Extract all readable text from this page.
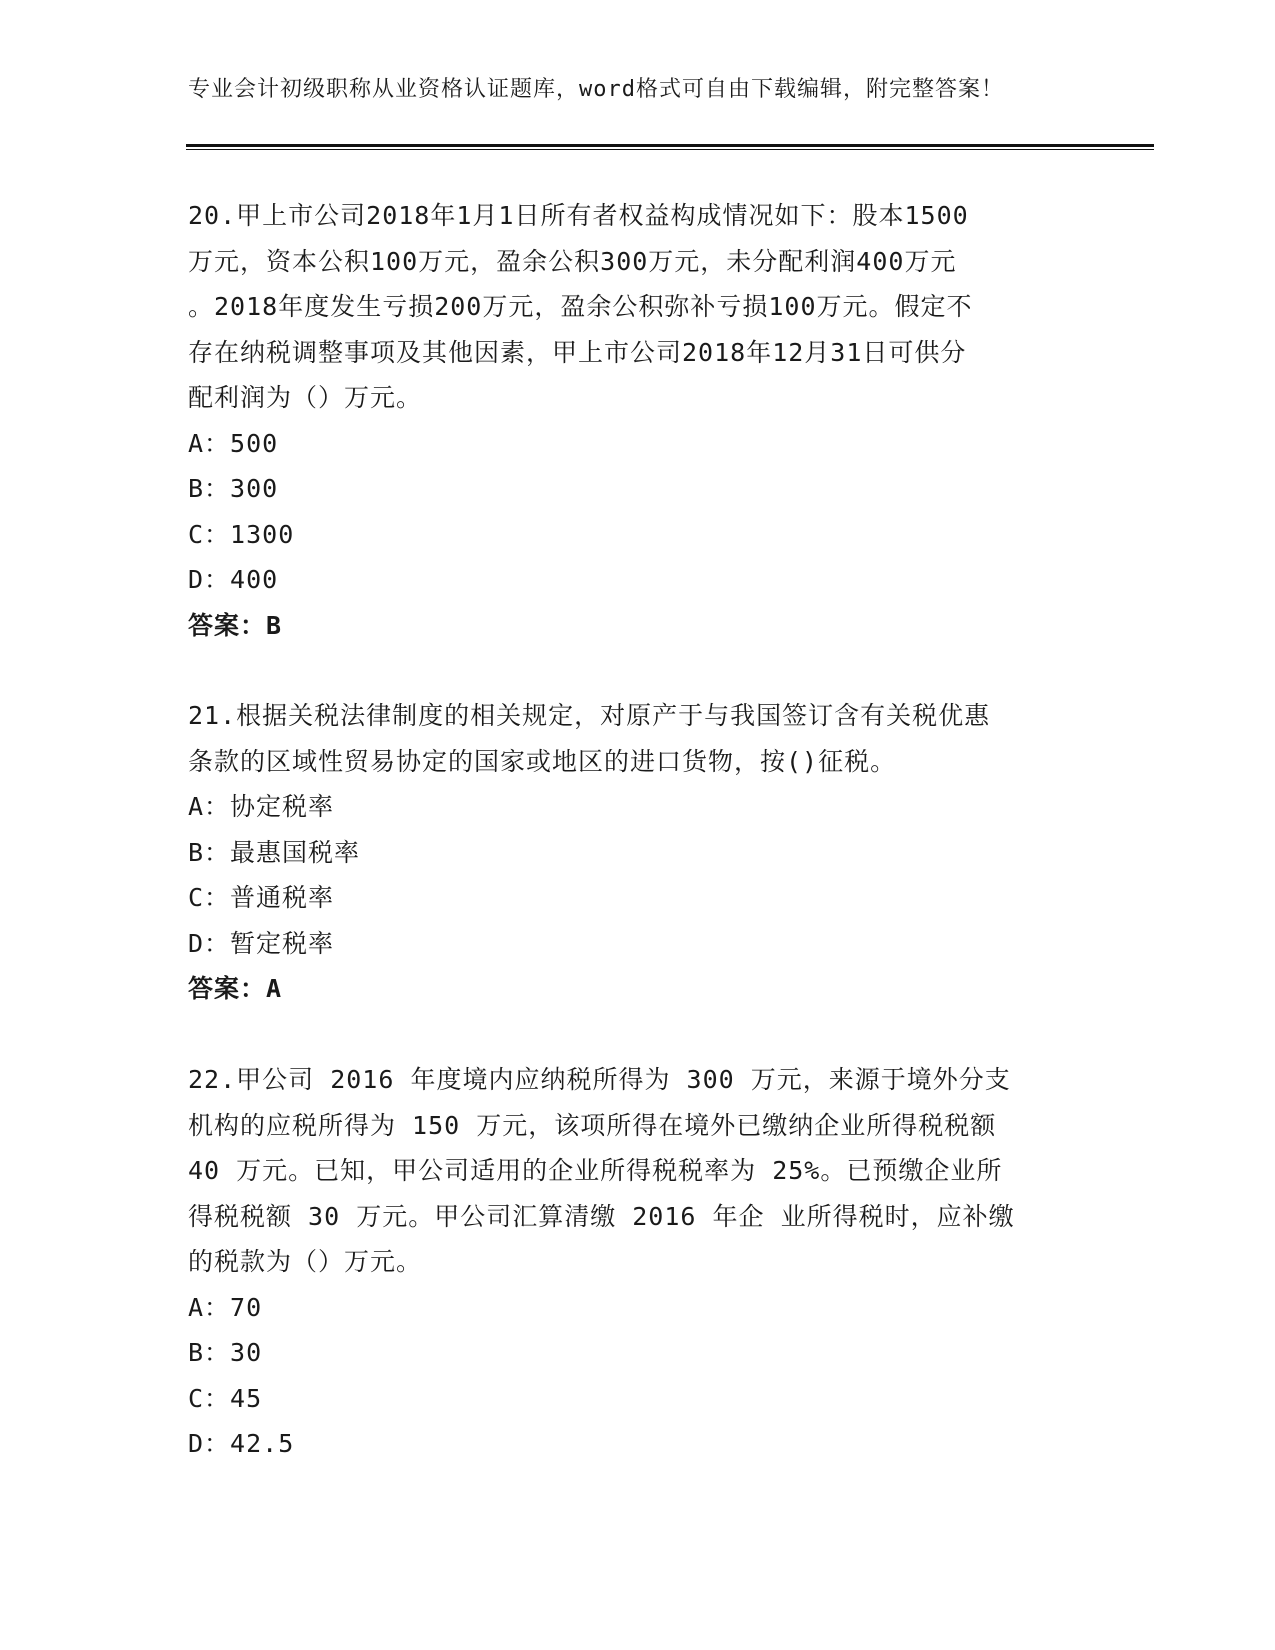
专业会计初级职称从业资格认证题库，word格式可自由下载编辑，附完整答案！

20.甲上市公司2018年1月1日所有者权益构成情况如下：股本1500

万元，资本公积100万元，盈余公积300万元，未分配利润400万元

。2018年度发生亏损200万元，盈余公积弥补亏损100万元。假定不

存在纳税调整事项及其他因素，甲上市公司2018年12月31日可供分

配利润为（）万元。

A：500
B：300
C：1300
D：400
答案：B

21.根据关税法律制度的相关规定，对原产于与我国签订含有关税优惠

条款的区域性贸易协定的国家或地区的进口货物，按()征税。

A：协定税率
B：最惠国税率
C：普通税率
D：暂定税率
答案：A

22.甲公司 2016 年度境内应纳税所得为 300 万元，来源于境外分支

机构的应税所得为 150 万元，该项所得在境外已缴纳企业所得税税额

40 万元。已知，甲公司适用的企业所得税税率为 25%。已预缴企业所

得税税额 30 万元。甲公司汇算清缴 2016 年企 业所得税时，应补缴

的税款为（）万元。

A：70
B：30
C：45
D：42.5
